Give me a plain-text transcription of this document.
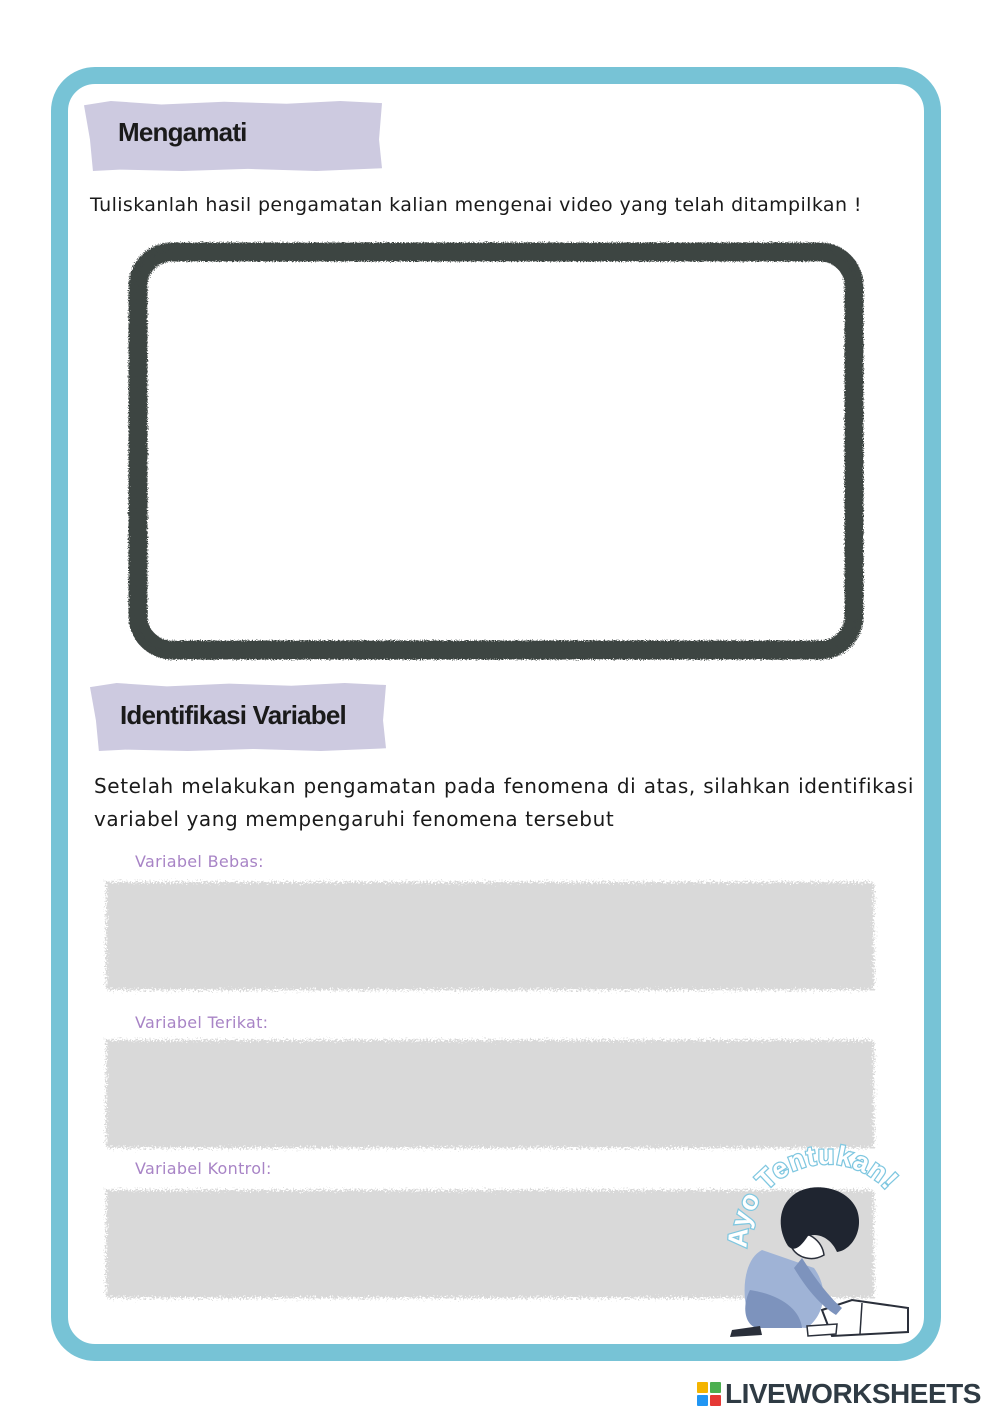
Mengamati
Tuliskanlah hasil pengamatan kalian mengenai video yang telah ditampilkan !
Identifikasi Variabel
Setelah melakukan pengamatan pada fenomena di atas, silahkan identifikasi variabel yang mempengaruhi fenomena tersebut
Variabel Bebas:
Variabel Terikat:
Variabel Kontrol:
Ayo Tentukan!
LIVEWORKSHEETS
